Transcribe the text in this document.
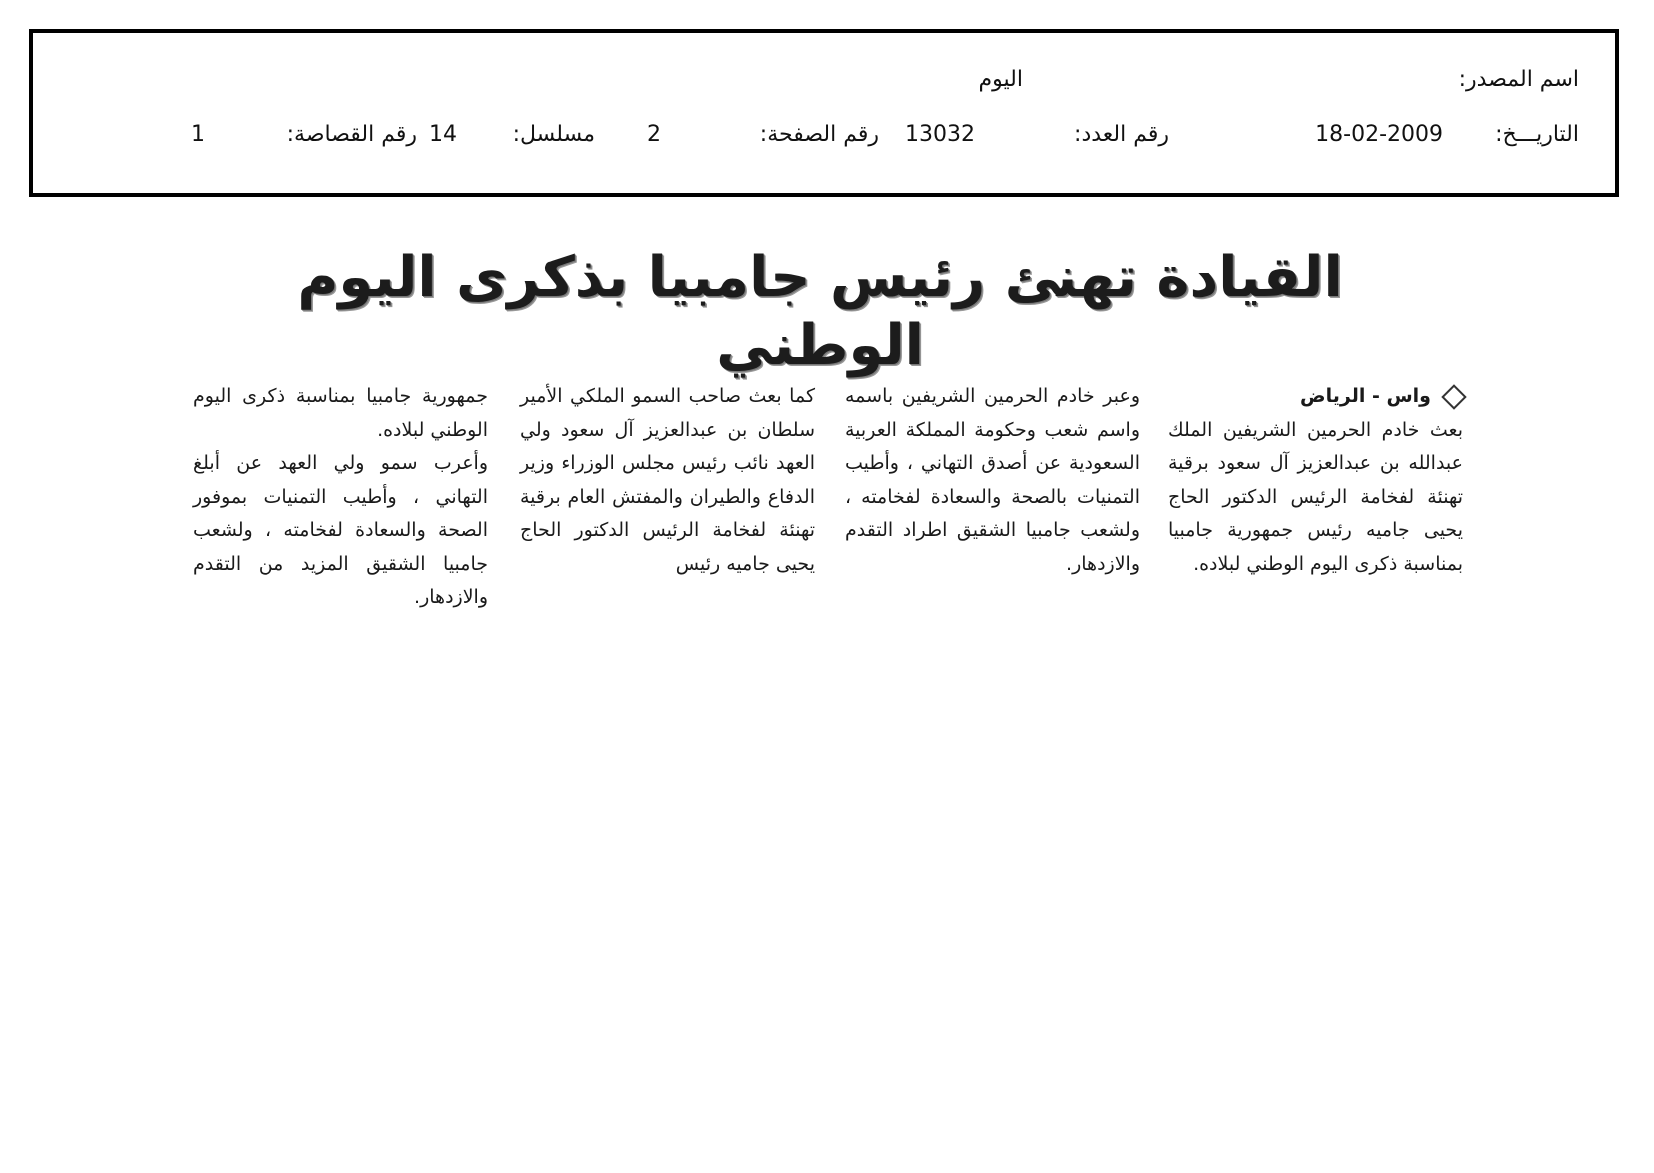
اسم المصدر:
اليوم
التاريـــخ:
18-02-2009
رقم العدد:
13032
رقم الصفحة:
2
مسلسل:
14
رقم القصاصة:
1
القيادة تهنئ رئيس جامبيا بذكرى اليوم الوطني

واس - الرياض

بعث خادم الحرمين الشريفين الملك عبدالله بن عبدالعزيز آل سعود برقية تهنئة لفخامة الرئيس الدكتور الحاج يحيى جاميه رئيس جمهورية جامبيا بمناسبة ذكرى اليوم الوطني لبلاده.

وعبر خادم الحرمين الشريفين باسمه واسم شعب وحكومة المملكة العربية السعودية عن أصدق التهاني ، وأطيب التمنيات بالصحة والسعادة لفخامته ، ولشعب جامبيا الشقيق اطراد التقدم والازدهار.

كما بعث صاحب السمو الملكي الأمير سلطان بن عبدالعزيز آل سعود ولي العهد نائب رئيس مجلس الوزراء وزير الدفاع والطيران والمفتش العام برقية تهنئة لفخامة الرئيس الدكتور الحاج يحيى جاميه رئيس

جمهورية جامبيا بمناسبة ذكرى اليوم الوطني لبلاده.

وأعرب سمو ولي العهد عن أبلغ التهاني ، وأطيب التمنيات بموفور الصحة والسعادة لفخامته ، ولشعب جامبيا الشقيق المزيد من التقدم والازدهار.
